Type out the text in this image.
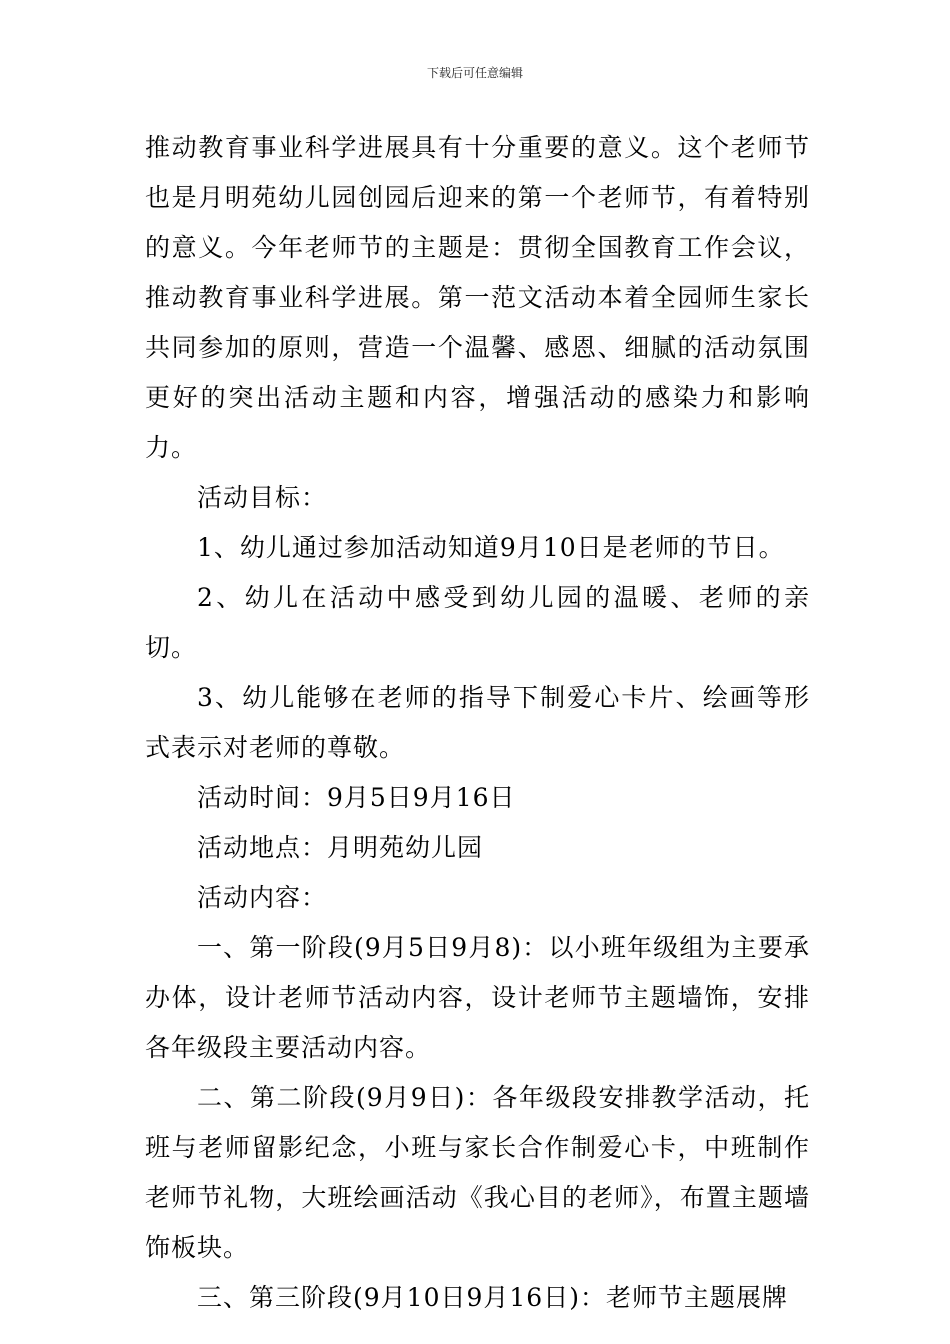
下载后可任意编辑

推动教育事业科学进展具有十分重要的意义。这个老师节也是月明苑幼儿园创园后迎来的第一个老师节，有着特别的意义。今年老师节的主题是：贯彻全国教育工作会议，推动教育事业科学进展。第一范文活动本着全园师生家长共同参加的原则，营造一个温馨、感恩、细腻的活动氛围更好的突出活动主题和内容，增强活动的感染力和影响力。

活动目标：

1、幼儿通过参加活动知道9月10日是老师的节日。

2、幼儿在活动中感受到幼儿园的温暖、老师的亲切。

3、幼儿能够在老师的指导下制爱心卡片、绘画等形式表示对老师的尊敬。

活动时间：9月5日9月16日

活动地点：月明苑幼儿园

活动内容：

一、第一阶段(9月5日9月8)：以小班年级组为主要承办体，设计老师节活动内容，设计老师节主题墙饰，安排各年级段主要活动内容。

二、第二阶段(9月9日)：各年级段安排教学活动，托班与老师留影纪念，小班与家长合作制爱心卡，中班制作老师节礼物，大班绘画活动《我心目的老师》，布置主题墙饰板块。

三、第三阶段(9月10日9月16日)：老师节主题展牌
